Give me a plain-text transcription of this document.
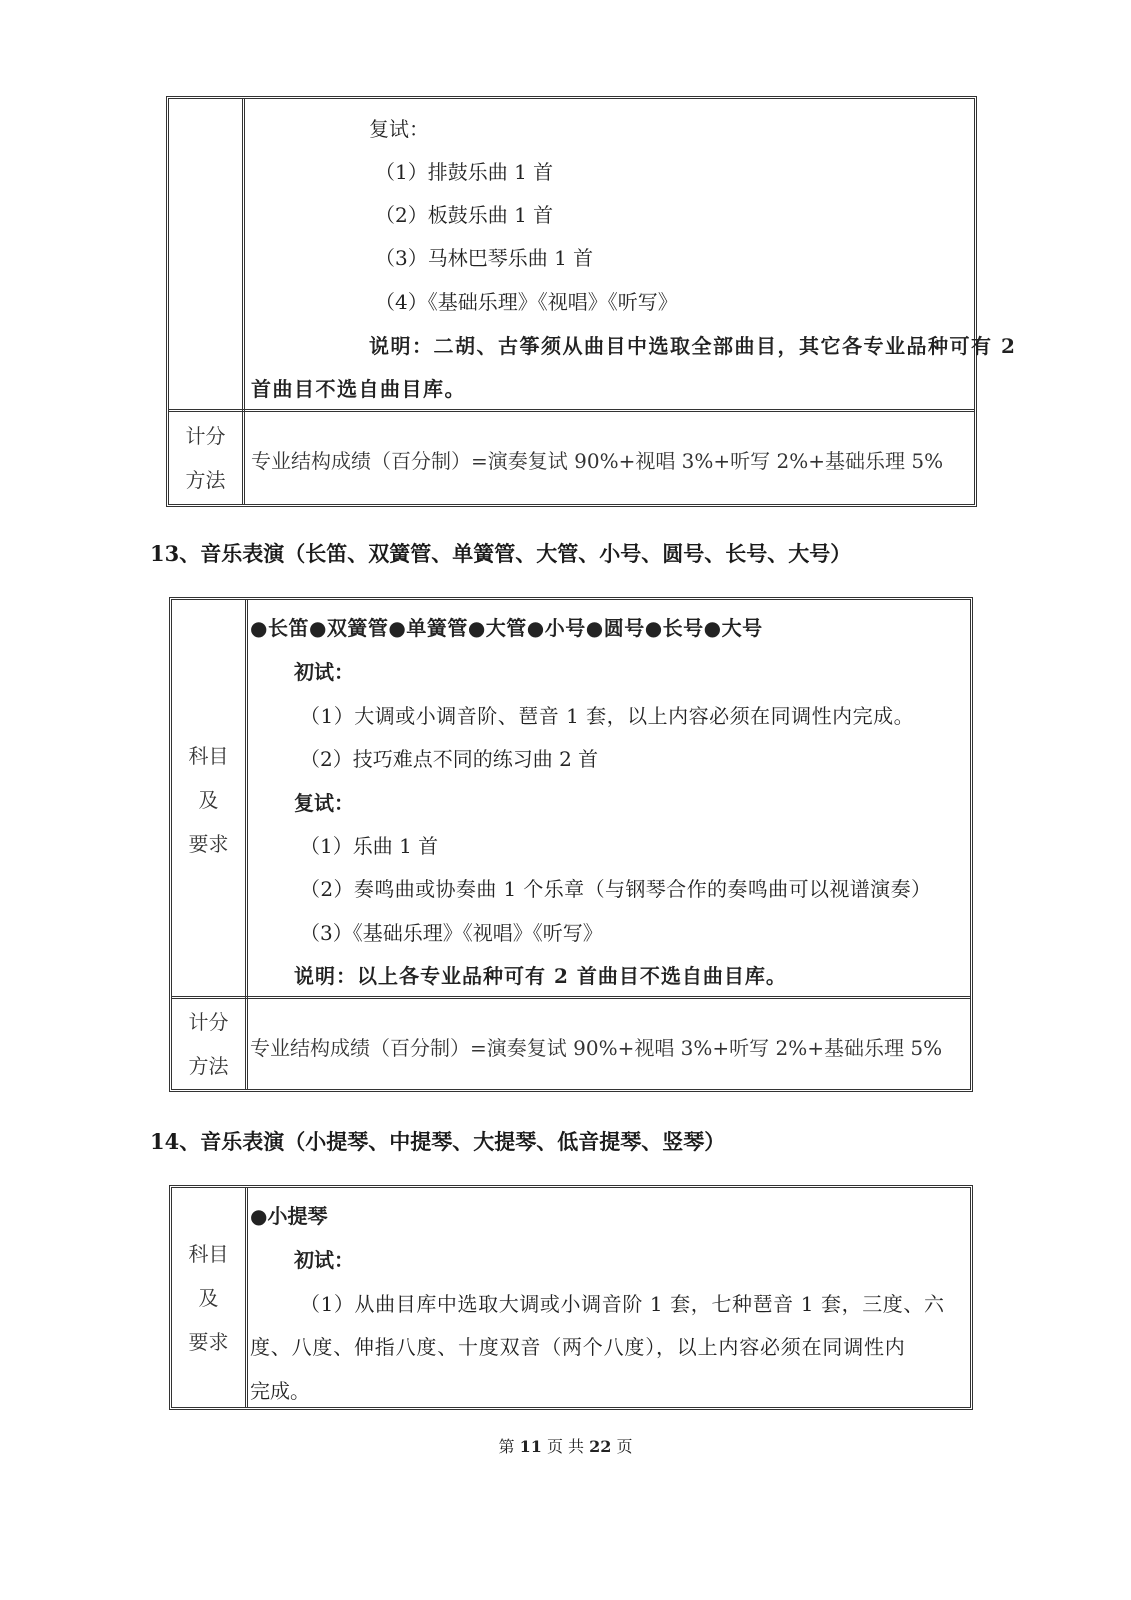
复试：
（1）排鼓乐曲 1 首
（2）板鼓乐曲 1 首
（3）马林巴琴乐曲 1 首
（4）《基础乐理》《视唱》《听写》
说明：二胡、古筝须从曲目中选取全部曲目，其它各专业品种可有 2
首曲目不选自曲目库。
计分
方法
专业结构成绩（百分制）=演奏复试 90%+视唱 3%+听写 2%+基础乐理 5%
13、音乐表演（长笛、双簧管、单簧管、大管、小号、圆号、长号、大号）
科目
及
要求
●长笛●双簧管●单簧管●大管●小号●圆号●长号●大号
初试：
（1）大调或小调音阶、琶音 1 套，以上内容必须在同调性内完成。
（2）技巧难点不同的练习曲 2 首
复试：
（1）乐曲 1 首
（2）奏鸣曲或协奏曲 1 个乐章（与钢琴合作的奏鸣曲可以视谱演奏）
（3）《基础乐理》《视唱》《听写》
说明：以上各专业品种可有 2 首曲目不选自曲目库。
计分
方法
专业结构成绩（百分制）=演奏复试 90%+视唱 3%+听写 2%+基础乐理 5%
14、音乐表演（小提琴、中提琴、大提琴、低音提琴、竖琴）
科目
及
要求
●小提琴
初试：
（1）从曲目库中选取大调或小调音阶 1 套，七种琶音 1 套，三度、六
度、八度、伸指八度、十度双音（两个八度），以上内容必须在同调性内
完成。
第 11 页 共 22 页
